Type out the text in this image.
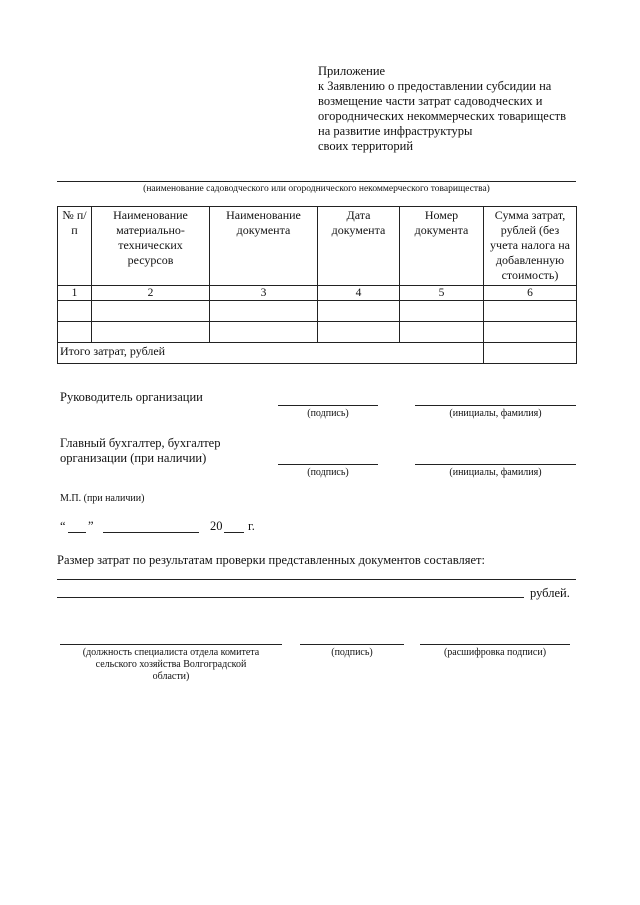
Приложение
к Заявлению о предоставлении субсидии на
возмещение части затрат садоводческих и
огороднических некоммерческих товариществ
на развитие инфраструктуры
своих территорий
(наименование садоводческого или огороднического некоммерческого товарищества)
№ п/п	Наименование материально-технических ресурсов	Наименование документа	Дата документа	Номер документа	Сумма затрат, рублей (без учета налога на добавленную стоимость)
1	2	3	4	5	6

Итого затрат, рублей					
Руководитель организации
(подпись)	(инициалы, фамилия)
Главный бухгалтер, бухгалтер
организации (при наличии)
(подпись)	(инициалы, фамилия)
М.П. (при наличии)
“ ”	20 г.
Размер затрат по результатам проверки представленных документов составляет:
рублей.
(должность специалиста отдела комитета
сельского хозяйства Волгоградской
области)
(подпись)	(расшифровка подписи)
